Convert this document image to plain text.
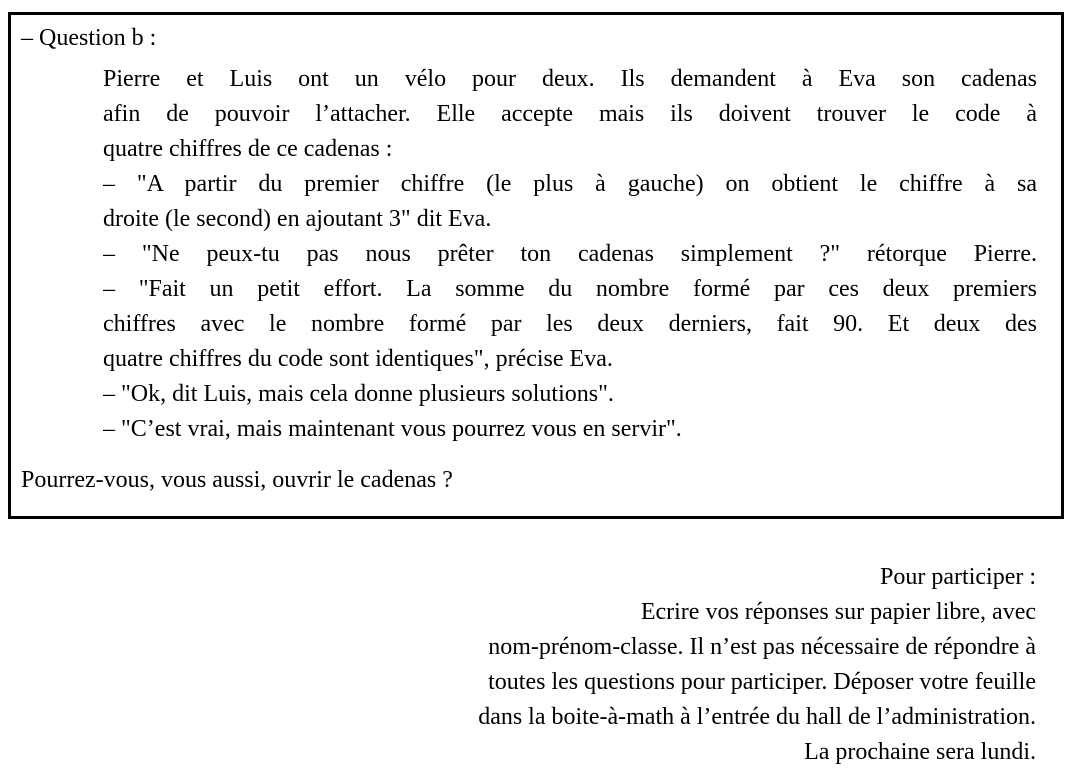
– Question b :
Pierre et Luis ont un vélo pour deux. Ils demandent à Eva son cadenas
afin de pouvoir l’attacher. Elle accepte mais ils doivent trouver le code à
quatre chiffres de ce cadenas :
– "A partir du premier chiffre (le plus à gauche) on obtient le chiffre à sa
droite (le second) en ajoutant 3" dit Eva.
– "Ne peux-tu pas nous prêter ton cadenas simplement ?" rétorque Pierre.
– "Fait un petit effort. La somme du nombre formé par ces deux premiers
chiffres avec le nombre formé par les deux derniers, fait 90. Et deux des
quatre chiffres du code sont identiques", précise Eva.
– "Ok, dit Luis, mais cela donne plusieurs solutions".
– "C’est vrai, mais maintenant vous pourrez vous en servir".
Pourrez-vous, vous aussi, ouvrir le cadenas ?
Pour participer :
Ecrire vos réponses sur papier libre, avec
nom-prénom-classe. Il n’est pas nécessaire de répondre à
toutes les questions pour participer. Déposer votre feuille
dans la boite-à-math à l’entrée du hall de l’administration.
La prochaine sera lundi.
